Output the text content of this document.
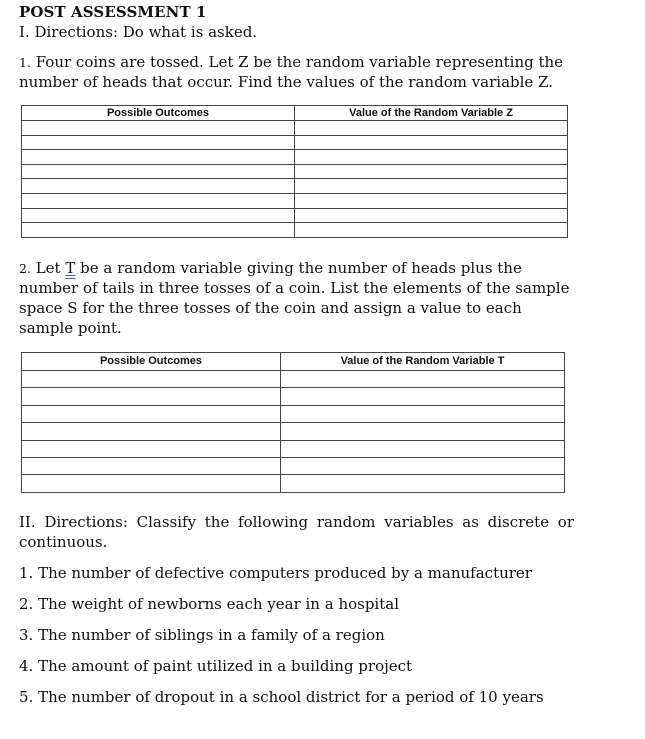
POST ASSESSMENT 1
I. Directions: Do what is asked.
1. Four coins are tossed. Let Z be the random variable representing the
number of heads that occur. Find the values of the random variable Z.
Possible Outcomes	Value of the Random Variable Z

2. Let T be a random variable giving the number of heads plus the
number of tails in three tosses of a coin. List the elements of the sample
space S for the three tosses of the coin and assign a value to each
sample point.
Possible Outcomes	Value of the Random Variable T

II. Directions: Classify the following random variables as discrete or
continuous.
1. The number of defective computers produced by a manufacturer
2. The weight of newborns each year in a hospital
3. The number of siblings in a family of a region
4. The amount of paint utilized in a building project
5. The number of dropout in a school district for a period of 10 years
